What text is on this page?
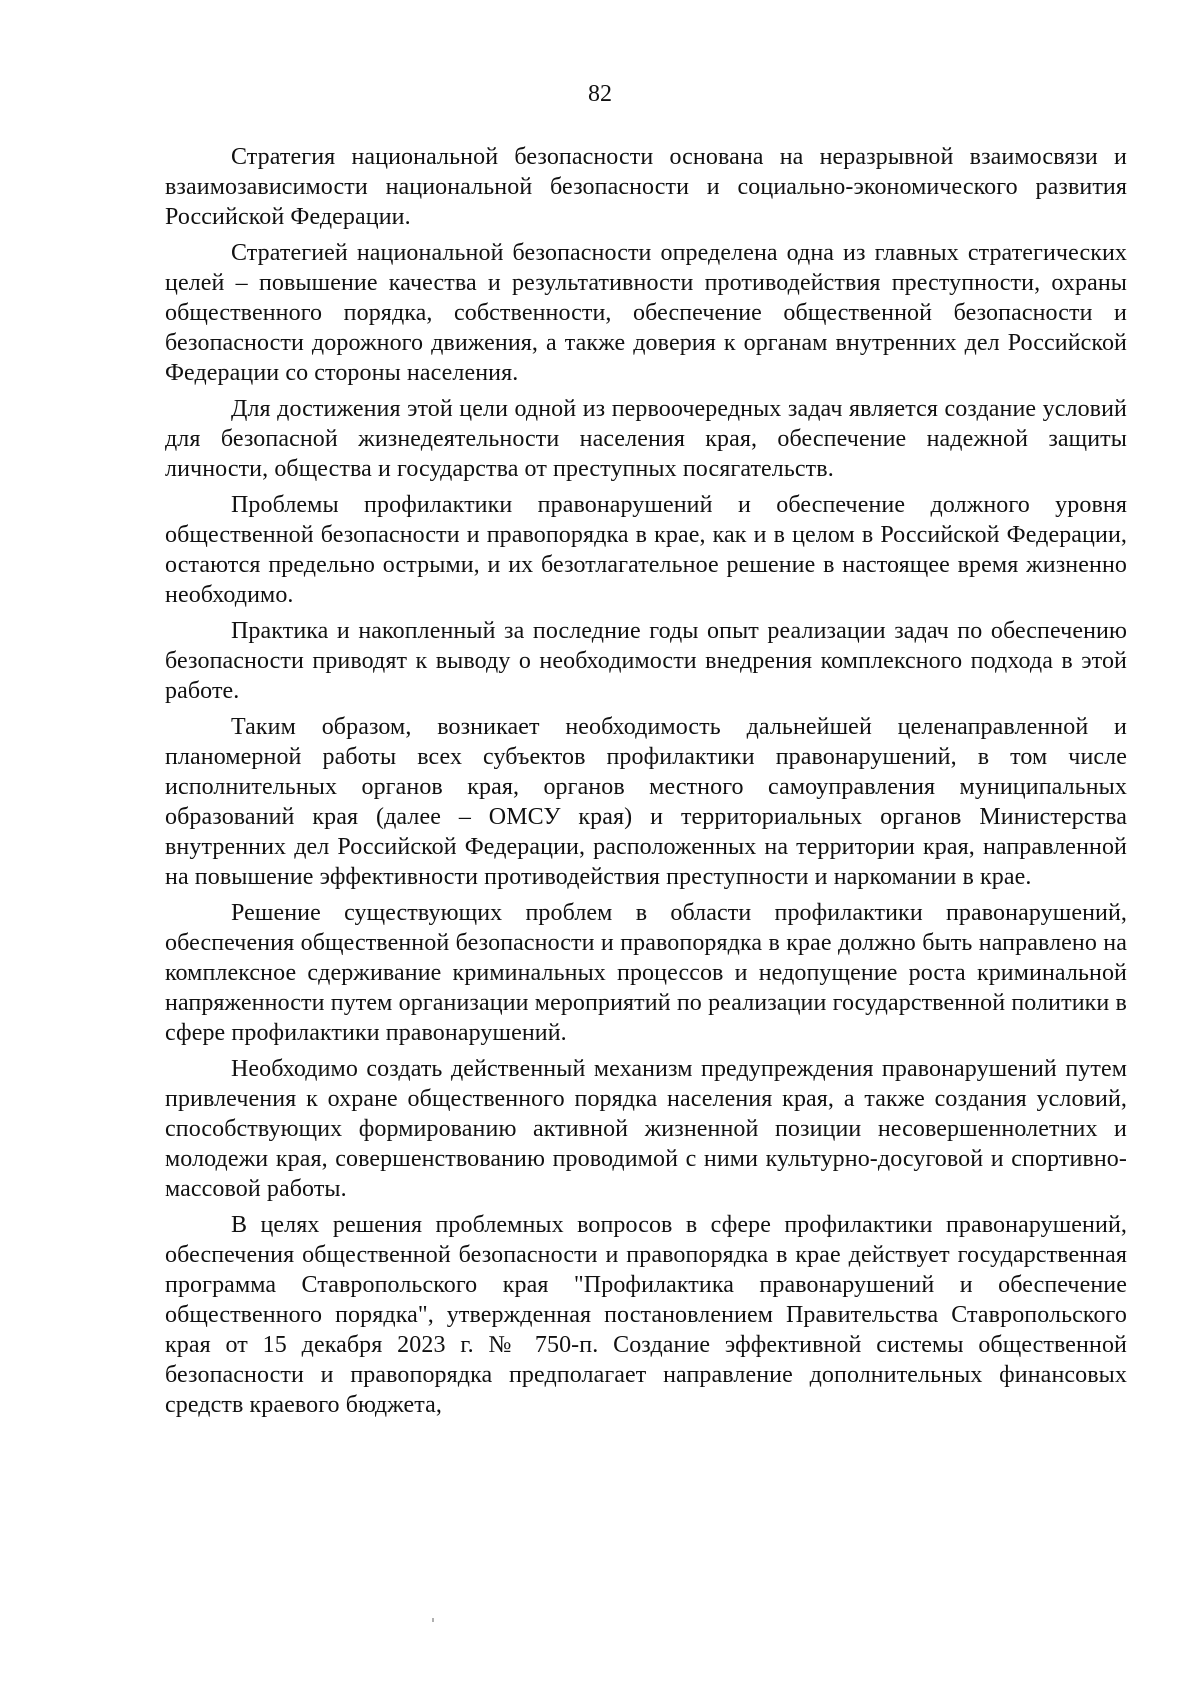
82

Стратегия национальной безопасности основана на неразрывной взаимосвязи и взаимозависимости национальной безопасности и социально-экономического развития Российской Федерации.

Стратегией национальной безопасности определена одна из главных стратегических целей – повышение качества и результативности противодействия преступности, охраны общественного порядка, собственности, обеспечение общественной безопасности и безопасности дорожного движения, а также доверия к органам внутренних дел Российской Федерации со стороны населения.

Для достижения этой цели одной из первоочередных задач является создание условий для безопасной жизнедеятельности населения края, обеспечение надежной защиты личности, общества и государства от преступных посягательств.

Проблемы профилактики правонарушений и обеспечение должного уровня общественной безопасности и правопорядка в крае, как и в целом в Российской Федерации, остаются предельно острыми, и их безотлагательное решение в настоящее время жизненно необходимо.

Практика и накопленный за последние годы опыт реализации задач по обеспечению безопасности приводят к выводу о необходимости внедрения комплексного подхода в этой работе.

Таким образом, возникает необходимость дальнейшей целенаправленной и планомерной работы всех субъектов профилактики правонарушений, в том числе исполнительных органов края, органов местного самоуправления муниципальных образований края (далее – ОМСУ края) и территориальных органов Министерства внутренних дел Российской Федерации, расположенных на территории края, направленной на повышение эффективности противодействия преступности и наркомании в крае.

Решение существующих проблем в области профилактики правонарушений, обеспечения общественной безопасности и правопорядка в крае должно быть направлено на комплексное сдерживание криминальных процессов и недопущение роста криминальной напряженности путем организации мероприятий по реализации государственной политики в сфере профилактики правонарушений.

Необходимо создать действенный механизм предупреждения правонарушений путем привлечения к охране общественного порядка населения края, а также создания условий, способствующих формированию активной жизненной позиции несовершеннолетних и молодежи края, совершенствованию проводимой с ними культурно-досуговой и спортивно-массовой работы.

В целях решения проблемных вопросов в сфере профилактики правонарушений, обеспечения общественной безопасности и правопорядка в крае действует государственная программа Ставропольского края "Профилактика правонарушений и обеспечение общественного порядка", утвержденная постановлением Правительства Ставропольского края от 15 декабря 2023 г. № 750-п. Создание эффективной системы общественной безопасности и правопорядка предполагает направление дополнительных финансовых средств краевого бюджета,
